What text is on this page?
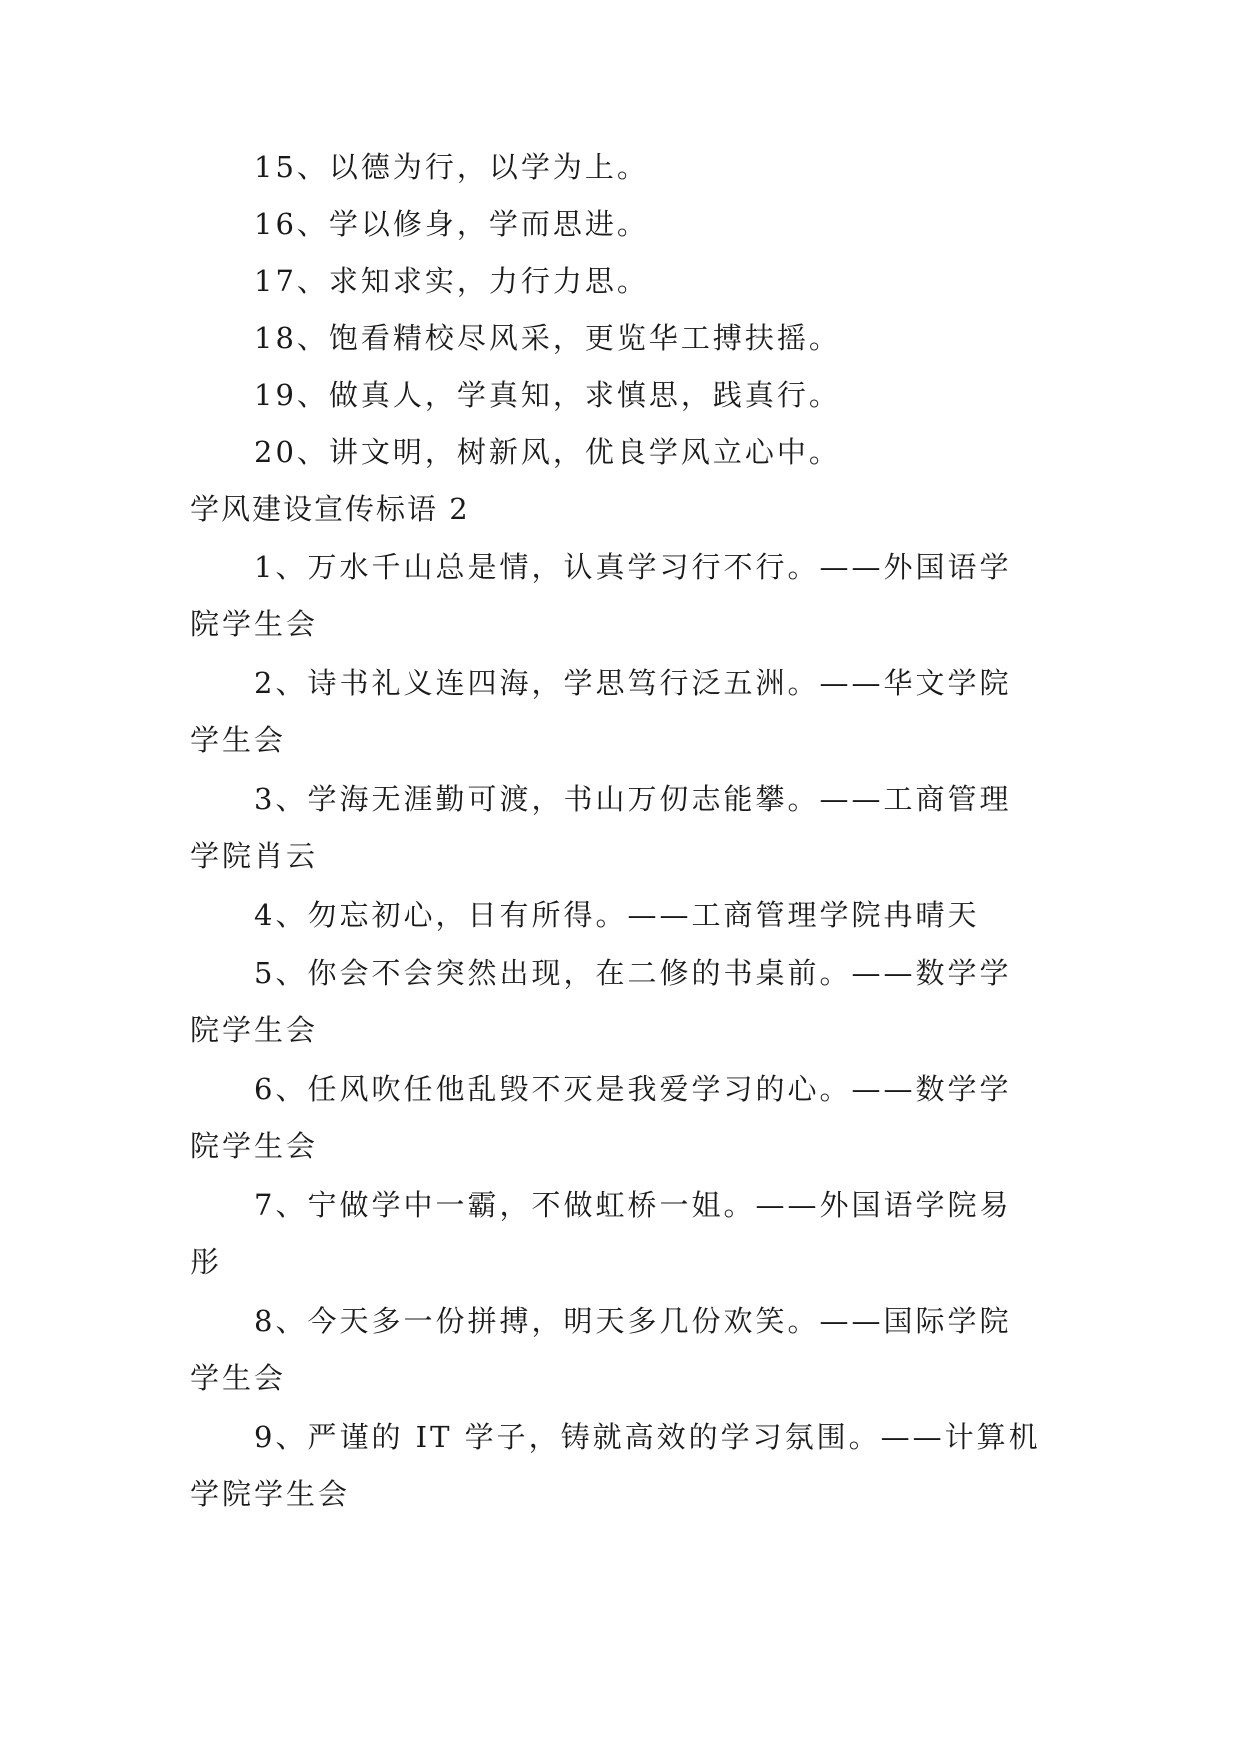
15、以德为行，以学为上。
16、学以修身，学而思进。
17、求知求实，力行力思。
18、饱看精校尽风采，更览华工搏扶摇。
19、做真人，学真知，求慎思，践真行。
20、讲文明，树新风，优良学风立心中。
学风建设宣传标语 2
1、万水千山总是情，认真学习行不行。——外国语学
院学生会
2、诗书礼义连四海，学思笃行泛五洲。——华文学院
学生会
3、学海无涯勤可渡，书山万仞志能攀。——工商管理
学院肖云
4、勿忘初心，日有所得。——工商管理学院冉晴天
5、你会不会突然出现，在二修的书桌前。——数学学
院学生会
6、任风吹任他乱毁不灭是我爱学习的心。——数学学
院学生会
7、宁做学中一霸，不做虹桥一姐。——外国语学院易
彤
8、今天多一份拼搏，明天多几份欢笑。——国际学院
学生会
9、严谨的 IT 学子，铸就高效的学习氛围。——计算机
学院学生会
